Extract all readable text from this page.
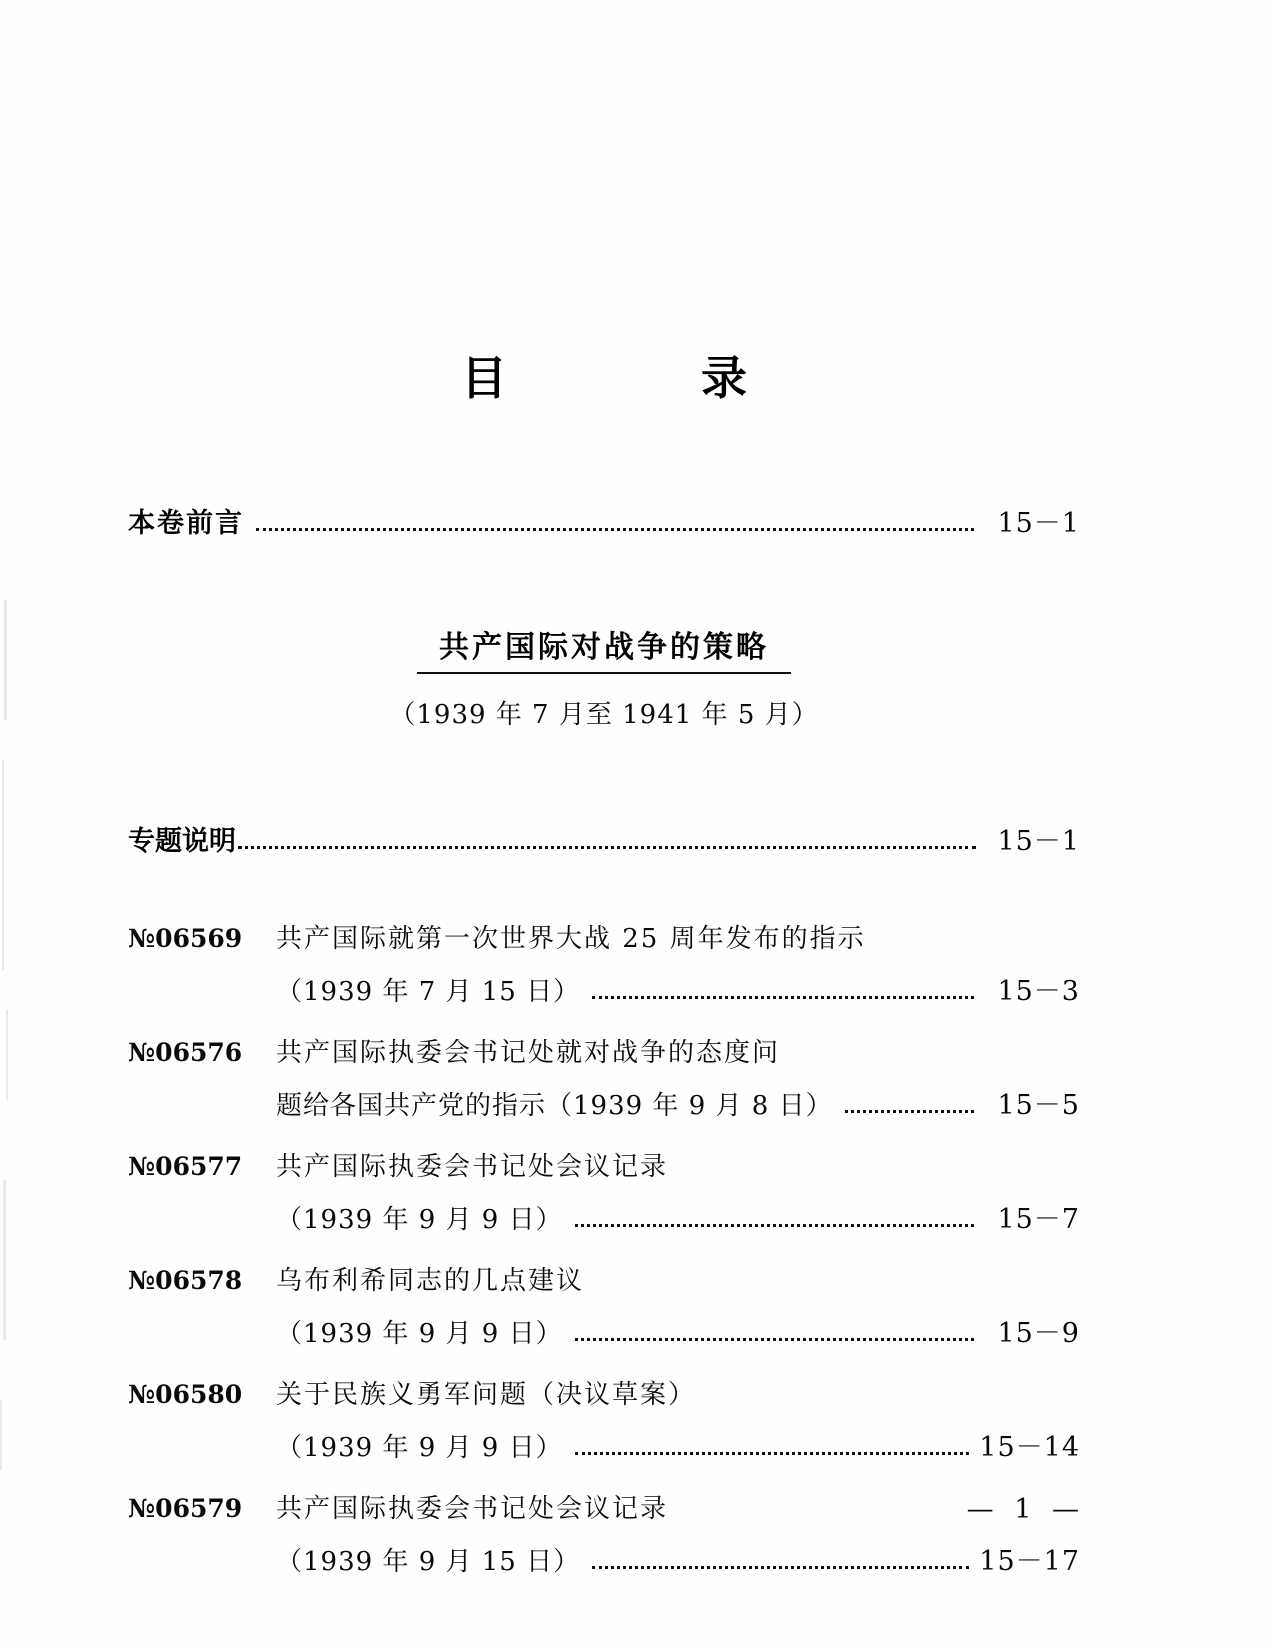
目　　录
本卷前言	15－1
共产国际对战争的策略
（1939 年 7 月至 1941 年 5 月）
专题说明	15－1
№06569	共产国际就第一次世界大战 25 周年发布的指示
（1939 年 7 月 15 日）	15－3
№06576	共产国际执委会书记处就对战争的态度问
题给各国共产党的指示（1939 年 9 月 8 日）	15－5
№06577	共产国际执委会书记处会议记录
（1939 年 9 月 9 日）	15－7
№06578	乌布利希同志的几点建议
（1939 年 9 月 9 日）	15－9
№06580	关于民族义勇军问题（决议草案）
（1939 年 9 月 9 日）	15－14
№06579	共产国际执委会书记处会议记录
（1939 年 9 月 15 日）	15－17
— 1 —
